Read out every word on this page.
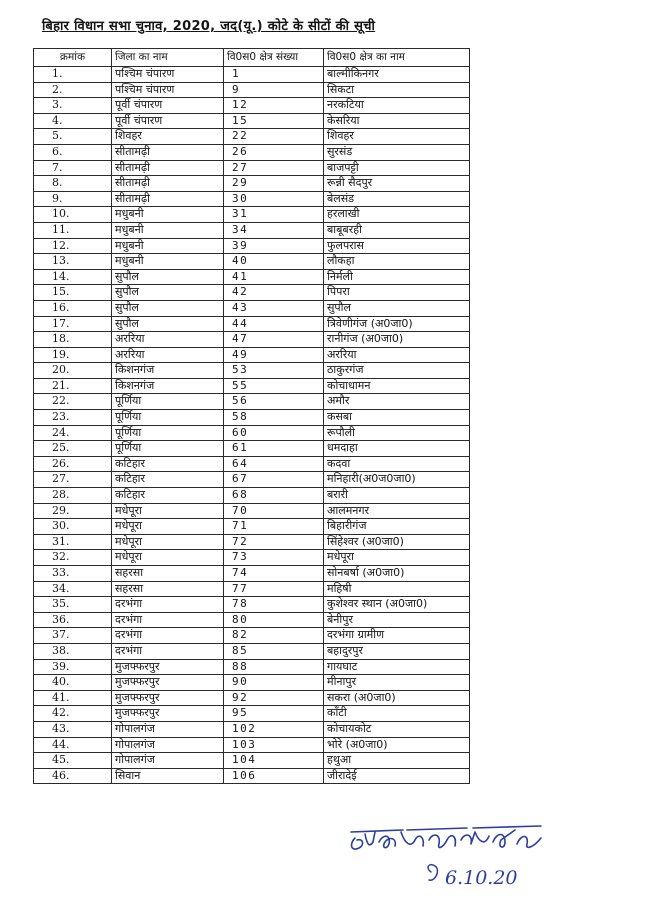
बिहार विधान सभा चुनाव, 2020, जद(यू.) कोटे के सीटों की सूची
क्रमांक	जिला का नाम	वि0स0 क्षेत्र संख्या	वि0स0 क्षेत्र का नाम
1.	पश्चिम चंपारण	1	बाल्मीकिनगर
2.	पश्चिम चंपारण	9	सिकटा
3.	पूर्वी चंपारण	12	नरकटिया
4.	पूर्वी चंपारण	15	केसरिया
5.	शिवहर	22	शिवहर
6.	सीतामढ़ी	26	सुरसंड
7.	सीतामढ़ी	27	बाजपट्टी
8.	सीतामढ़ी	29	रून्नी सैदपुर
9.	सीतामढ़ी	30	बेलसंड
10.	मधुबनी	31	हरलाखी
11.	मधुबनी	34	बाबूबरही
12.	मधुबनी	39	फुलपरास
13.	मधुबनी	40	लौकहा
14.	सुपौल	41	निर्मली
15.	सुपौल	42	पिपरा
16.	सुपौल	43	सुपौल
17.	सुपौल	44	त्रिवेणीगंज (अ0जा0)
18.	अररिया	47	रानीगंज (अ0जा0)
19.	अररिया	49	अररिया
20.	किशनगंज	53	ठाकुरगंज
21.	किशनगंज	55	कोचाधामन
22.	पूर्णिया	56	अमौर
23.	पूर्णिया	58	कसबा
24.	पूर्णिया	60	रूपौली
25.	पूर्णिया	61	धमदाहा
26.	कटिहार	64	कदवा
27.	कटिहार	67	मनिहारी(अ0ज0जा0)
28.	कटिहार	68	बरारी
29.	मधेपूरा	70	आलमनगर
30.	मधेपूरा	71	बिहारीगंज
31.	मधेपूरा	72	सिंहेश्वर (अ0जा0)
32.	मधेपूरा	73	मधेपूरा
33.	सहरसा	74	सोनबर्षा (अ0जा0)
34.	सहरसा	77	महिषी
35.	दरभंगा	78	कुशेश्वर स्थान (अ0जा0)
36.	दरभंगा	80	बेनीपुर
37.	दरभंगा	82	दरभंगा ग्रामीण
38.	दरभंगा	85	बहादुरपुर
39.	मुजफ्फरपुर	88	गायघाट
40.	मुजफ्फरपुर	90	मीनापुर
41.	मुजफ्फरपुर	92	सकरा (अ0जा0)
42.	मुजफ्फरपुर	95	काँटी
43.	गोपालगंज	102	कोचायकोट
44.	गोपालगंज	103	भोरे (अ0जा0)
45.	गोपालगंज	104	हथुआ
46.	सिवान	106	जीरादेई
6.10.20
